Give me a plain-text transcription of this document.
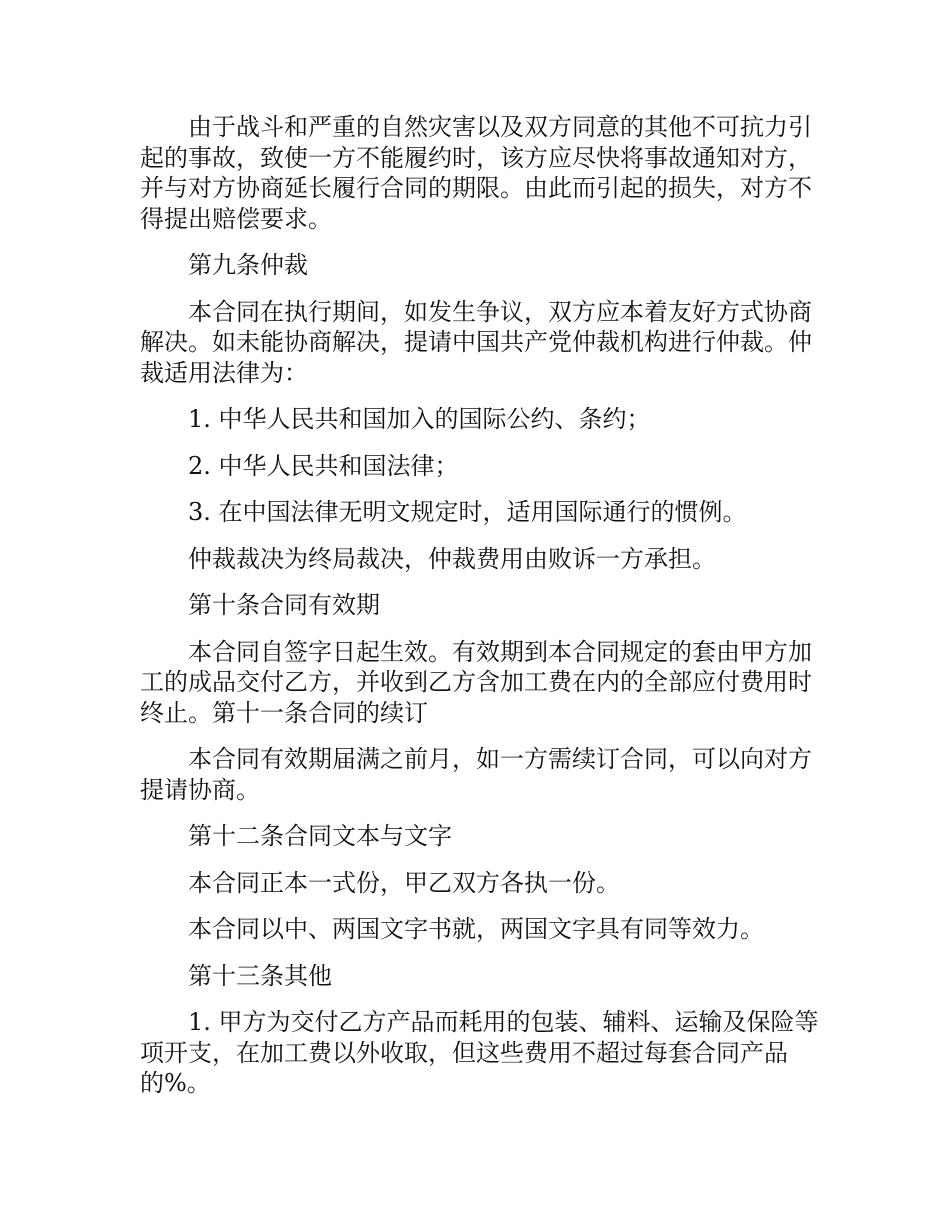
由于战斗和严重的自然灾害以及双方同意的其他不可抗力引起的事故，致使一方不能履约时，该方应尽快将事故通知对方，并与对方协商延长履行合同的期限。由此而引起的损失，对方不得提出赔偿要求。

第九条仲裁

本合同在执行期间，如发生争议，双方应本着友好方式协商解决。如未能协商解决，提请中国共产党仲裁机构进行仲裁。仲裁适用法律为：

1. 中华人民共和国加入的国际公约、条约；

2. 中华人民共和国法律；

3. 在中国法律无明文规定时，适用国际通行的惯例。

仲裁裁决为终局裁决，仲裁费用由败诉一方承担。

第十条合同有效期

本合同自签字日起生效。有效期到本合同规定的套由甲方加工的成品交付乙方，并收到乙方含加工费在内的全部应付费用时终止。第十一条合同的续订

本合同有效期届满之前月，如一方需续订合同，可以向对方提请协商。

第十二条合同文本与文字

本合同正本一式份，甲乙双方各执一份。

本合同以中、两国文字书就，两国文字具有同等效力。

第十三条其他

1. 甲方为交付乙方产品而耗用的包装、辅料、运输及保险等项开支，在加工费以外收取，但这些费用不超过每套合同产品的%。
